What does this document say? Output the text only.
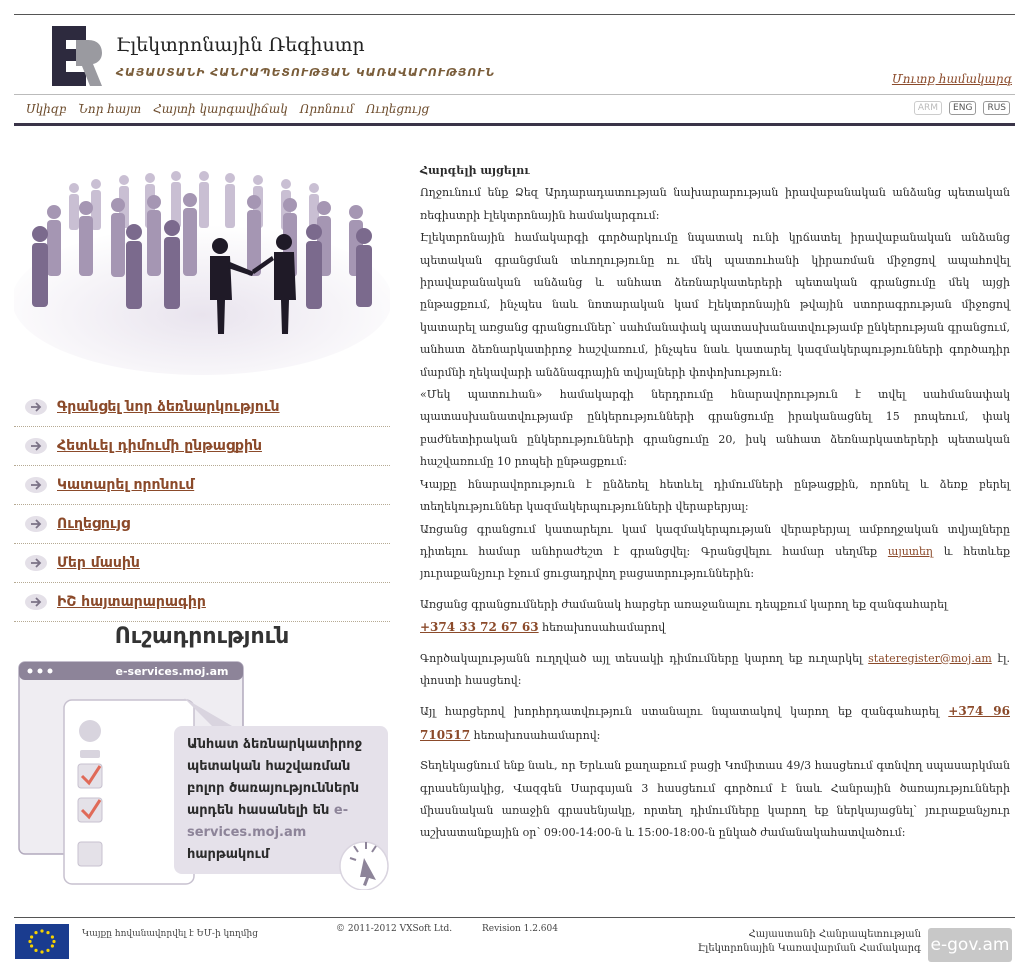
Էլեկտրոնային Ռեգիստր
ՀԱՅԱՍՏԱՆԻ ՀԱՆՐԱՊԵՏՈՒԹՅԱՆ ԿԱՌԱՎԱՐՈՒԹՅՈՒՆ	Մուտք համակարգ
Սկիզբ Նոր հայտ Հայտի կարգավիճակ Որոնում Ուղեցույց	ARM	ENG	RUS
Գրանցել նոր ձեռնարկություն
Հետևել դիմումի ընթացքին
Կատարել որոնում
Ուղեցույց
Մեր մասին
ԻՇ հայտարարագիր
Ուշադրություն
e-services.moj.am
Անհատ ձեռնարկատիրոջ պետական հաշվառման բոլոր ծառայություններն արդեն հասանելի են e-services.moj.am հարթակում

Հարգելի այցելու

Ողջունում ենք Ձեզ Արդարադատության նախարարության իրավաբանական անձանց պետական ռեգիստրի էլեկտրոնային համակարգում:

Էլեկտրոնային համակարգի գործարկումը նպատակ ունի կրճատել իրավաբանական անձանց պետական գրանցման տևողությունը ու մեկ պատուհանի կիրառման միջոցով ապահովել իրավաբանական անձանց և անհատ ձեռնարկատերերի պետական գրանցումը մեկ այցի ընթացքում, ինչպես նաև նոտարական կամ էլեկտրոնային թվային ստորագրության միջոցով կատարել առցանց գրանցումներ՝ սահմանափակ պատասխանատվությամբ ընկերության գրանցում, անհատ ձեռնարկատիրոջ հաշվառում, ինչպես նաև կատարել կազմակերպությունների գործադիր մարմնի ղեկավարի անձնագրային տվյալների փոփոխություն:

«Մեկ պատուհան» համակարգի ներդրումը հնարավորություն է տվել սահմանափակ պատասխանատվությամբ ընկերությունների գրանցումը իրականացնել 15 րոպեում, փակ բաժնետիրական ընկերությունների գրանցումը 20, իսկ անհատ ձեռնարկատերերի պետական հաշվառումը 10 րոպեի ընթացքում:

Կայքը հնարավորություն է ընձեռել հետևել դիմումների ընթացքին, որոնել և ձեռք բերել տեղեկություններ կազմակերպությունների վերաբերյալ:

Առցանց գրանցում կատարելու կամ կազմակերպության վերաբերյալ ամբողջական տվյալները դիտելու համար անհրաժեշտ է գրանցվել: Գրանցվելու համար սեղմեք այստեղ և հետևեք յուրաքանչյուր էջում ցուցադրվող բացատրություններին:

Առցանց գրանցումների ժամանակ հարցեր առաջանալու դեպքում կարող եք զանգահարել
+374 33 72 67 63 հեռախոսահամարով

Գործակալությանն ուղղված այլ տեսակի դիմումները կարող եք ուղարկել stateregister@moj.am էլ. փոստի հասցեով:

Այլ հարցերով խորհրդատվություն ստանալու նպատակով կարող եք զանգահարել +374 96 710517 հեռախոսահամարով:

Տեղեկացնում ենք նաև, որ Երևան քաղաքում բացի Կոմիտաս 49/3 հասցեում գտնվող սպասարկման գրասենյակից, Վազգեն Սարգսյան 3 հասցեում գործում է նաև Հանրային ծառայությունների միասնական առաջին գրասենյակը, որտեղ դիմումները կարող եք ներկայացնել՝ յուրաքանչյուր աշխատանքային օր՝ 09:00-14:00-ն և 15:00-18:00-ն ընկած ժամանակահատվածում:

Կայքը հովանավորվել է ԵՄ-ի կողմից	© 2011-2012 VXSoft Ltd.	Revision 1.2.604	Հայաստանի Հանրապետության
Էլեկտրոնային Կառավարման Համակարգ e-gov.am
